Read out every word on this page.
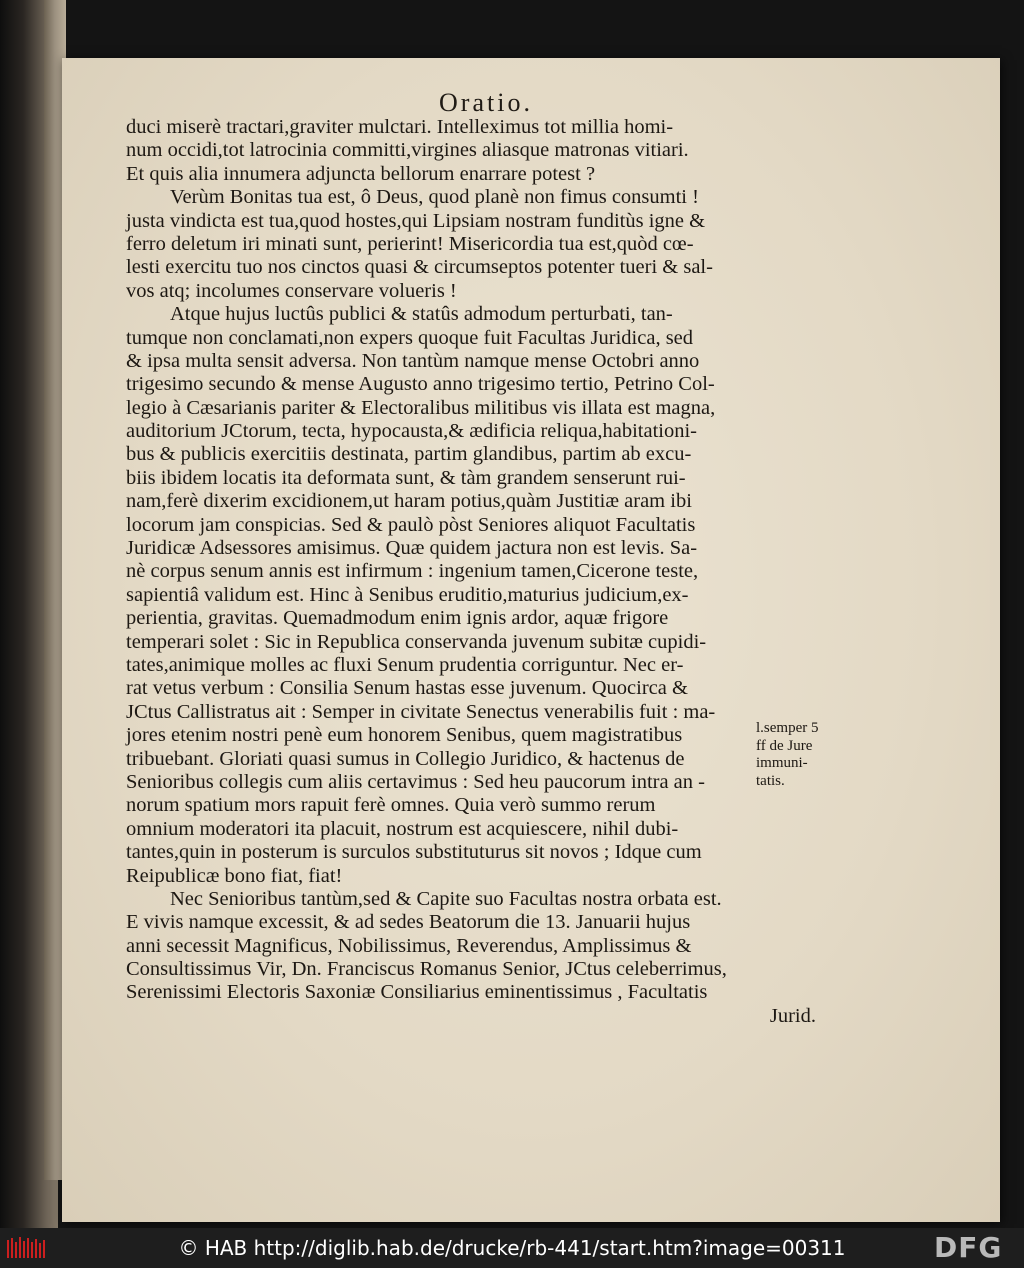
Oratio.
duci miserè tractari,graviter mulctari. Intelleximus tot millia homi-
num occidi,tot latrocinia committi,virgines aliasque matronas vitiari.
Et quis alia innumera adjuncta bellorum enarrare potest ?
Verùm Bonitas tua est, ô Deus, quod planè non fimus consumti !
justa vindicta est tua,quod hostes,qui Lipsiam nostram funditùs igne &
ferro deletum iri minati sunt, perierint! Misericordia tua est,quòd cœ-
lesti exercitu tuo nos cinctos quasi & circumseptos potenter tueri & sal-
vos atq; incolumes conservare volueris !
Atque hujus luctûs publici & statûs admodum perturbati, tan-
tumque non conclamati,non expers quoque fuit Facultas Juridica, sed
& ipsa multa sensit adversa. Non tantùm namque mense Octobri anno
trigesimo secundo & mense Augusto anno trigesimo tertio, Petrino Col-
legio à Cæsarianis pariter & Electoralibus militibus vis illata est magna,
auditorium JCtorum, tecta, hypocausta,& ædificia reliqua,habitationi-
bus & publicis exercitiis destinata, partim glandibus, partim ab excu-
biis ibidem locatis ita deformata sunt, & tàm grandem senserunt rui-
nam,ferè dixerim excidionem,ut haram potius,quàm Justitiæ aram ibi
locorum jam conspicias. Sed & paulò pòst Seniores aliquot Facultatis
Juridicæ Adsessores amisimus. Quæ quidem jactura non est levis. Sa-
nè corpus senum annis est infirmum : ingenium tamen,Cicerone teste,
sapientiâ validum est. Hinc à Senibus eruditio,maturius judicium,ex-
perientia, gravitas. Quemadmodum enim ignis ardor, aquæ frigore
temperari solet : Sic in Republica conservanda juvenum subitæ cupidi-
tates,animique molles ac fluxi Senum prudentia corriguntur. Nec er-
rat vetus verbum : Consilia Senum hastas esse juvenum. Quocirca &
JCtus Callistratus ait : Semper in civitate Senectus venerabilis fuit : ma-
jores etenim nostri penè eum honorem Senibus, quem magistratibus
tribuebant. Gloriati quasi sumus in Collegio Juridico, & hactenus de
Senioribus collegis cum aliis certavimus : Sed heu paucorum intra an -
norum spatium mors rapuit ferè omnes. Quia verò summo rerum
omnium moderatori ita placuit, nostrum est acquiescere, nihil dubi-
tantes,quin in posterum is surculos substituturus sit novos ; Idque cum
Reipublicæ bono fiat, fiat!
Nec Senioribus tantùm,sed & Capite suo Facultas nostra orbata est.
E vivis namque excessit, & ad sedes Beatorum die 13. Januarii hujus
anni secessit Magnificus, Nobilissimus, Reverendus, Amplissimus &
Consultissimus Vir, Dn. Franciscus Romanus Senior, JCtus celeberrimus,
Serenissimi Electoris Saxoniæ Consiliarius eminentissimus , Facultatis
Jurid.
l.semper 5
ff de Jure
immuni-
tatis.
© HAB http://diglib.hab.de/drucke/rb-441/start.htm?image=00311	DFG
